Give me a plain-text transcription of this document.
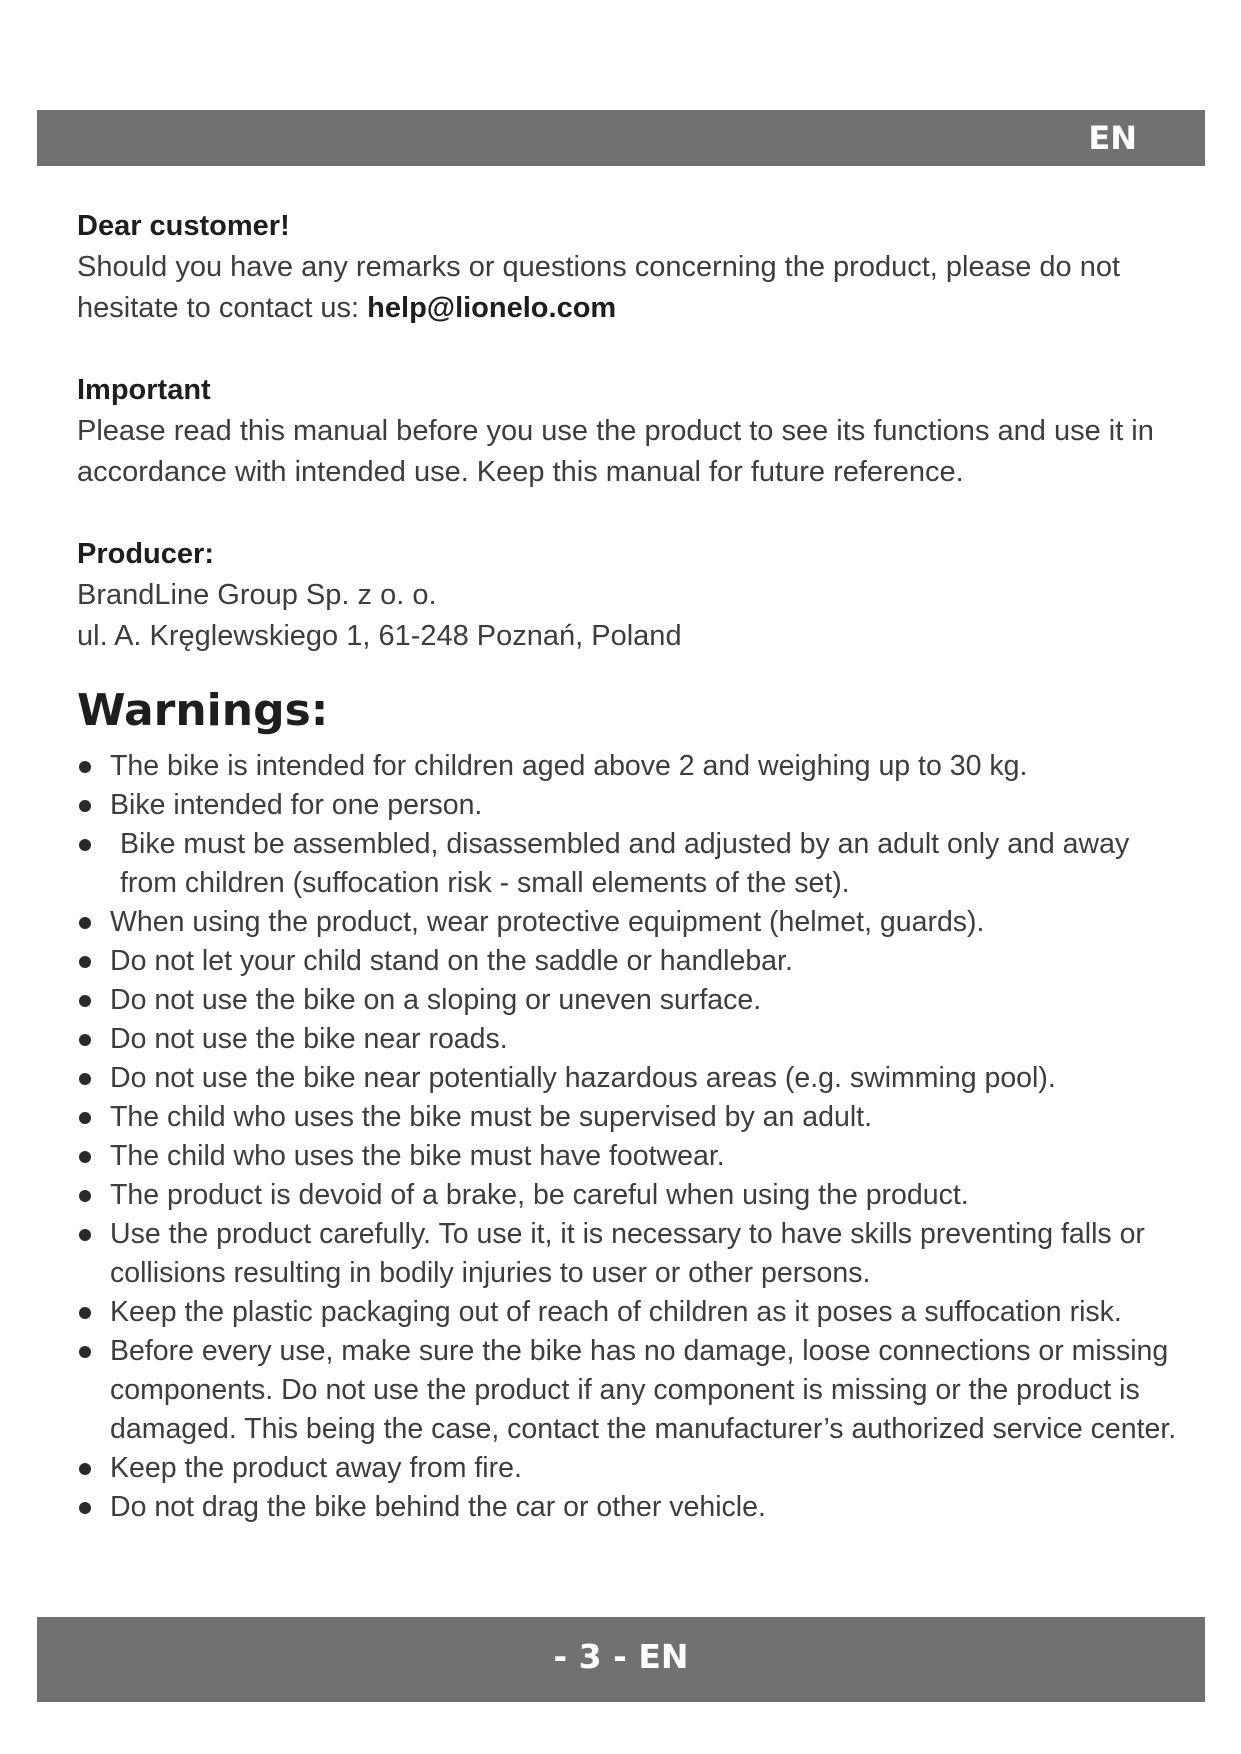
EN
Dear customer!
Should you have any remarks or questions concerning the product, please do not hesitate to contact us: help@lionelo.com
Important
Please read this manual before you use the product to see its functions and use it in accordance with intended use. Keep this manual for future reference.
Producer:
BrandLine Group Sp. z o. o.
ul. A. Kręglewskiego 1, 61-248 Poznań, Poland
Warnings:
The bike is intended for children aged above 2 and weighing up to 30 kg.
Bike intended for one person.
Bike must be assembled, disassembled and adjusted by an adult only and away from children (suffocation risk - small elements of the set).
When using the product, wear protective equipment (helmet, guards).
Do not let your child stand on the saddle or handlebar.
Do not use the bike on a sloping or uneven surface.
Do not use the bike near roads.
Do not use the bike near potentially hazardous areas (e.g. swimming pool).
The child who uses the bike must be supervised by an adult.
The child who uses the bike must have footwear.
The product is devoid of a brake, be careful when using the product.
Use the product carefully. To use it, it is necessary to have skills preventing falls or collisions resulting in bodily injuries to user or other persons.
Keep the plastic packaging out of reach of children as it poses a suffocation risk.
Before every use, make sure the bike has no damage, loose connections or missing components. Do not use the product if any component is missing or the product is damaged. This being the case, contact the manufacturer’s authorized service center.
Keep the product away from fire.
Do not drag the bike behind the car or other vehicle.
- 3 - EN
